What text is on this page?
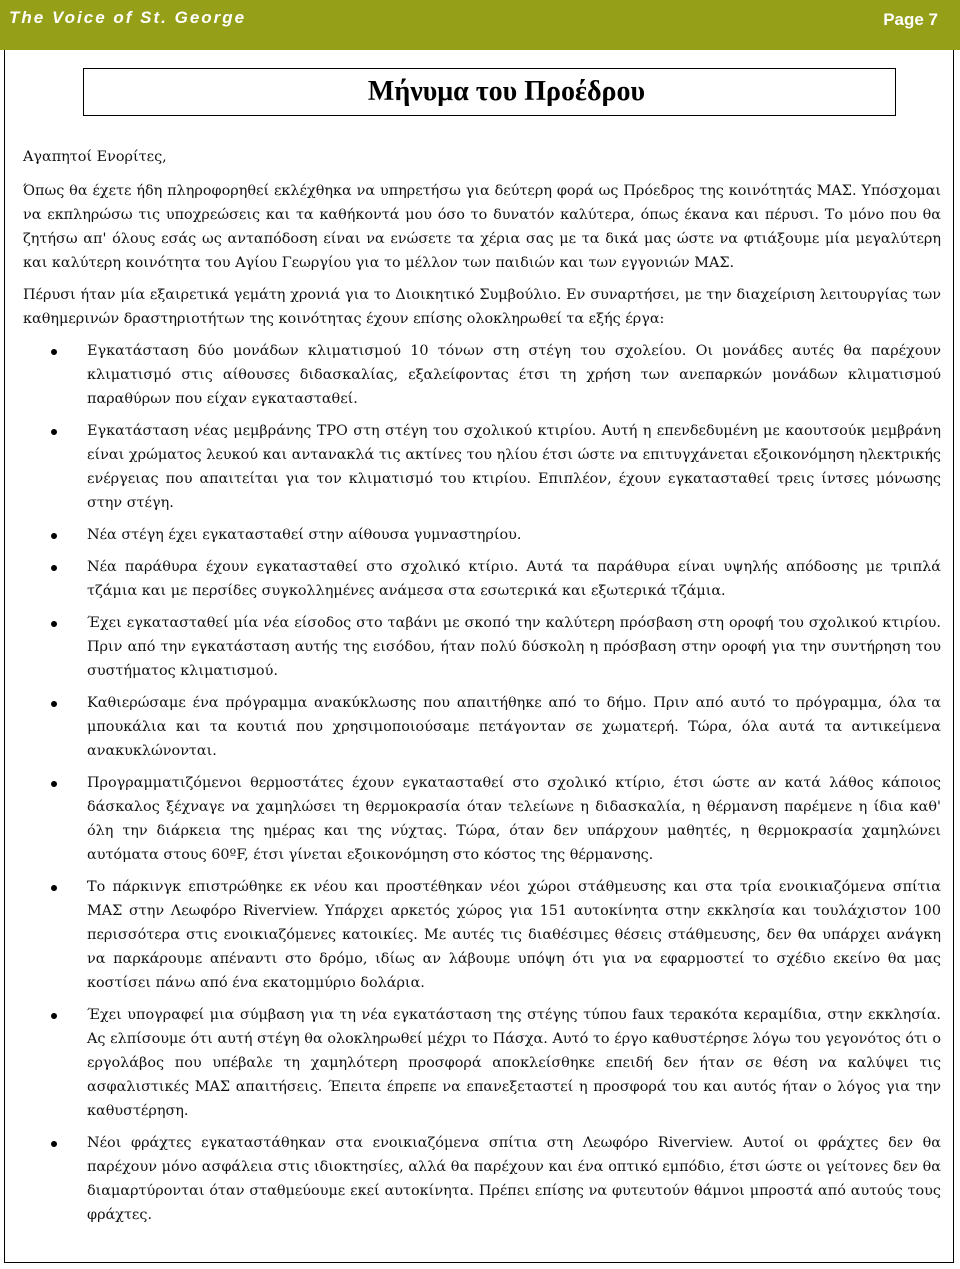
The Voice of St. George	Page 7
Μήνυμα του Προέδρου

Αγαπητοί Ενορίτες,

Όπως θα έχετε ήδη πληροφορηθεί εκλέχθηκα να υπηρετήσω για δεύτερη φορά ως Πρόεδρος της κοινότητάς ΜΑΣ. Υπόσχομαι να εκπληρώσω τις υποχρεώσεις και τα καθήκοντά μου όσο το δυνατόν καλύτερα, όπως έκανα και πέρυσι. Το μόνο που θα ζητήσω απ' όλους εσάς ως ανταπόδοση είναι να ενώσετε τα χέρια σας με τα δικά μας ώστε να φτιάξουμε μία μεγαλύτερη και καλύτερη κοινότητα του Αγίου Γεωργίου για το μέλλον των παιδιών και των εγγονιών ΜΑΣ.

Πέρυσι ήταν μία εξαιρετικά γεμάτη χρονιά για το Διοικητικό Συμβούλιο. Εν συναρτήσει, με την διαχείριση λειτουργίας των καθημερινών δραστηριοτήτων της κοινότητας έχουν επίσης ολοκληρωθεί τα εξής έργα:

Εγκατάσταση δύο μονάδων κλιματισμού 10 τόνων στη στέγη του σχολείου. Οι μονάδες αυτές θα παρέχουν κλιματισμό στις αίθουσες διδασκαλίας, εξαλείφοντας έτσι τη χρήση των ανεπαρκών μονάδων κλιματισμού παραθύρων που είχαν εγκατασταθεί.
Εγκατάσταση νέας μεμβράνης TPO στη στέγη του σχολικού κτιρίου. Αυτή η επενδεδυμένη με καουτσούκ μεμβράνη είναι χρώματος λευκού και αντανακλά τις ακτίνες του ηλίου έτσι ώστε να επιτυγχάνεται εξοικονόμηση ηλεκτρικής ενέργειας που απαιτείται για τον κλιματισμό του κτιρίου. Επιπλέον, έχουν εγκατασταθεί τρεις ίντσες μόνωσης στην στέγη.
Νέα στέγη έχει εγκατασταθεί στην αίθουσα γυμναστηρίου.
Νέα παράθυρα έχουν εγκατασταθεί στο σχολικό κτίριο. Αυτά τα παράθυρα είναι υψηλής απόδοσης με τριπλά τζάμια και με περσίδες συγκολλημένες ανάμεσα στα εσωτερικά και εξωτερικά τζάμια.
Έχει εγκατασταθεί μία νέα είσοδος στο ταβάνι με σκοπό την καλύτερη πρόσβαση στη οροφή του σχολικού κτιρίου. Πριν από την εγκατάσταση αυτής της εισόδου, ήταν πολύ δύσκολη η πρόσβαση στην οροφή για την συντήρηση του συστήματος κλιματισμού.
Καθιερώσαμε ένα πρόγραμμα ανακύκλωσης που απαιτήθηκε από το δήμο. Πριν από αυτό το πρόγραμμα, όλα τα μπουκάλια και τα κουτιά που χρησιμοποιούσαμε πετάγονταν σε χωματερή. Τώρα, όλα αυτά τα αντικείμενα ανακυκλώνονται.
Προγραμματιζόμενοι θερμοστάτες έχουν εγκατασταθεί στο σχολικό κτίριο, έτσι ώστε αν κατά λάθος κάποιος δάσκαλος ξέχναγε να χαμηλώσει τη θερμοκρασία όταν τελείωνε η διδασκαλία, η θέρμανση παρέμενε η ίδια καθ' όλη την διάρκεια της ημέρας και της νύχτας. Τώρα, όταν δεν υπάρχουν μαθητές, η θερμοκρασία χαμηλώνει αυτόματα στους 60ºF, έτσι γίνεται εξοικονόμηση στο κόστος της θέρμανσης.
Το πάρκινγκ επιστρώθηκε εκ νέου και προστέθηκαν νέοι χώροι στάθμευσης και στα τρία ενοικιαζόμενα σπίτια ΜΑΣ στην Λεωφόρο Riverview. Υπάρχει αρκετός χώρος για 151 αυτοκίνητα στην εκκλησία και τουλάχιστον 100 περισσότερα στις ενοικιαζόμενες κατοικίες. Με αυτές τις διαθέσιμες θέσεις στάθμευσης, δεν θα υπάρχει ανάγκη να παρκάρουμε απέναντι στο δρόμο, ιδίως αν λάβουμε υπόψη ότι για να εφαρμοστεί το σχέδιο εκείνο θα μας κοστίσει πάνω από ένα εκατομμύριο δολάρια.
Έχει υπογραφεί μια σύμβαση για τη νέα εγκατάσταση της στέγης τύπου faux τερακότα κεραμίδια, στην εκκλησία. Ας ελπίσουμε ότι αυτή στέγη θα ολοκληρωθεί μέχρι το Πάσχα. Αυτό το έργο καθυστέρησε λόγω του γεγονότος ότι ο εργολάβος που υπέβαλε τη χαμηλότερη προσφορά αποκλείσθηκε επειδή δεν ήταν σε θέση να καλύψει τις ασφαλιστικές ΜΑΣ απαιτήσεις. Έπειτα έπρεπε να επανεξεταστεί η προσφορά του και αυτός ήταν ο λόγος για την καθυστέρηση.
Νέοι φράχτες εγκαταστάθηκαν στα ενοικιαζόμενα σπίτια στη Λεωφόρο Riverview. Αυτοί οι φράχτες δεν θα παρέχουν μόνο ασφάλεια στις ιδιοκτησίες, αλλά θα παρέχουν και ένα οπτικό εμπόδιο, έτσι ώστε οι γείτονες δεν θα διαμαρτύρονται όταν σταθμεύουμε εκεί αυτοκίνητα. Πρέπει επίσης να φυτευτούν θάμνοι μπροστά από αυτούς τους φράχτες.
